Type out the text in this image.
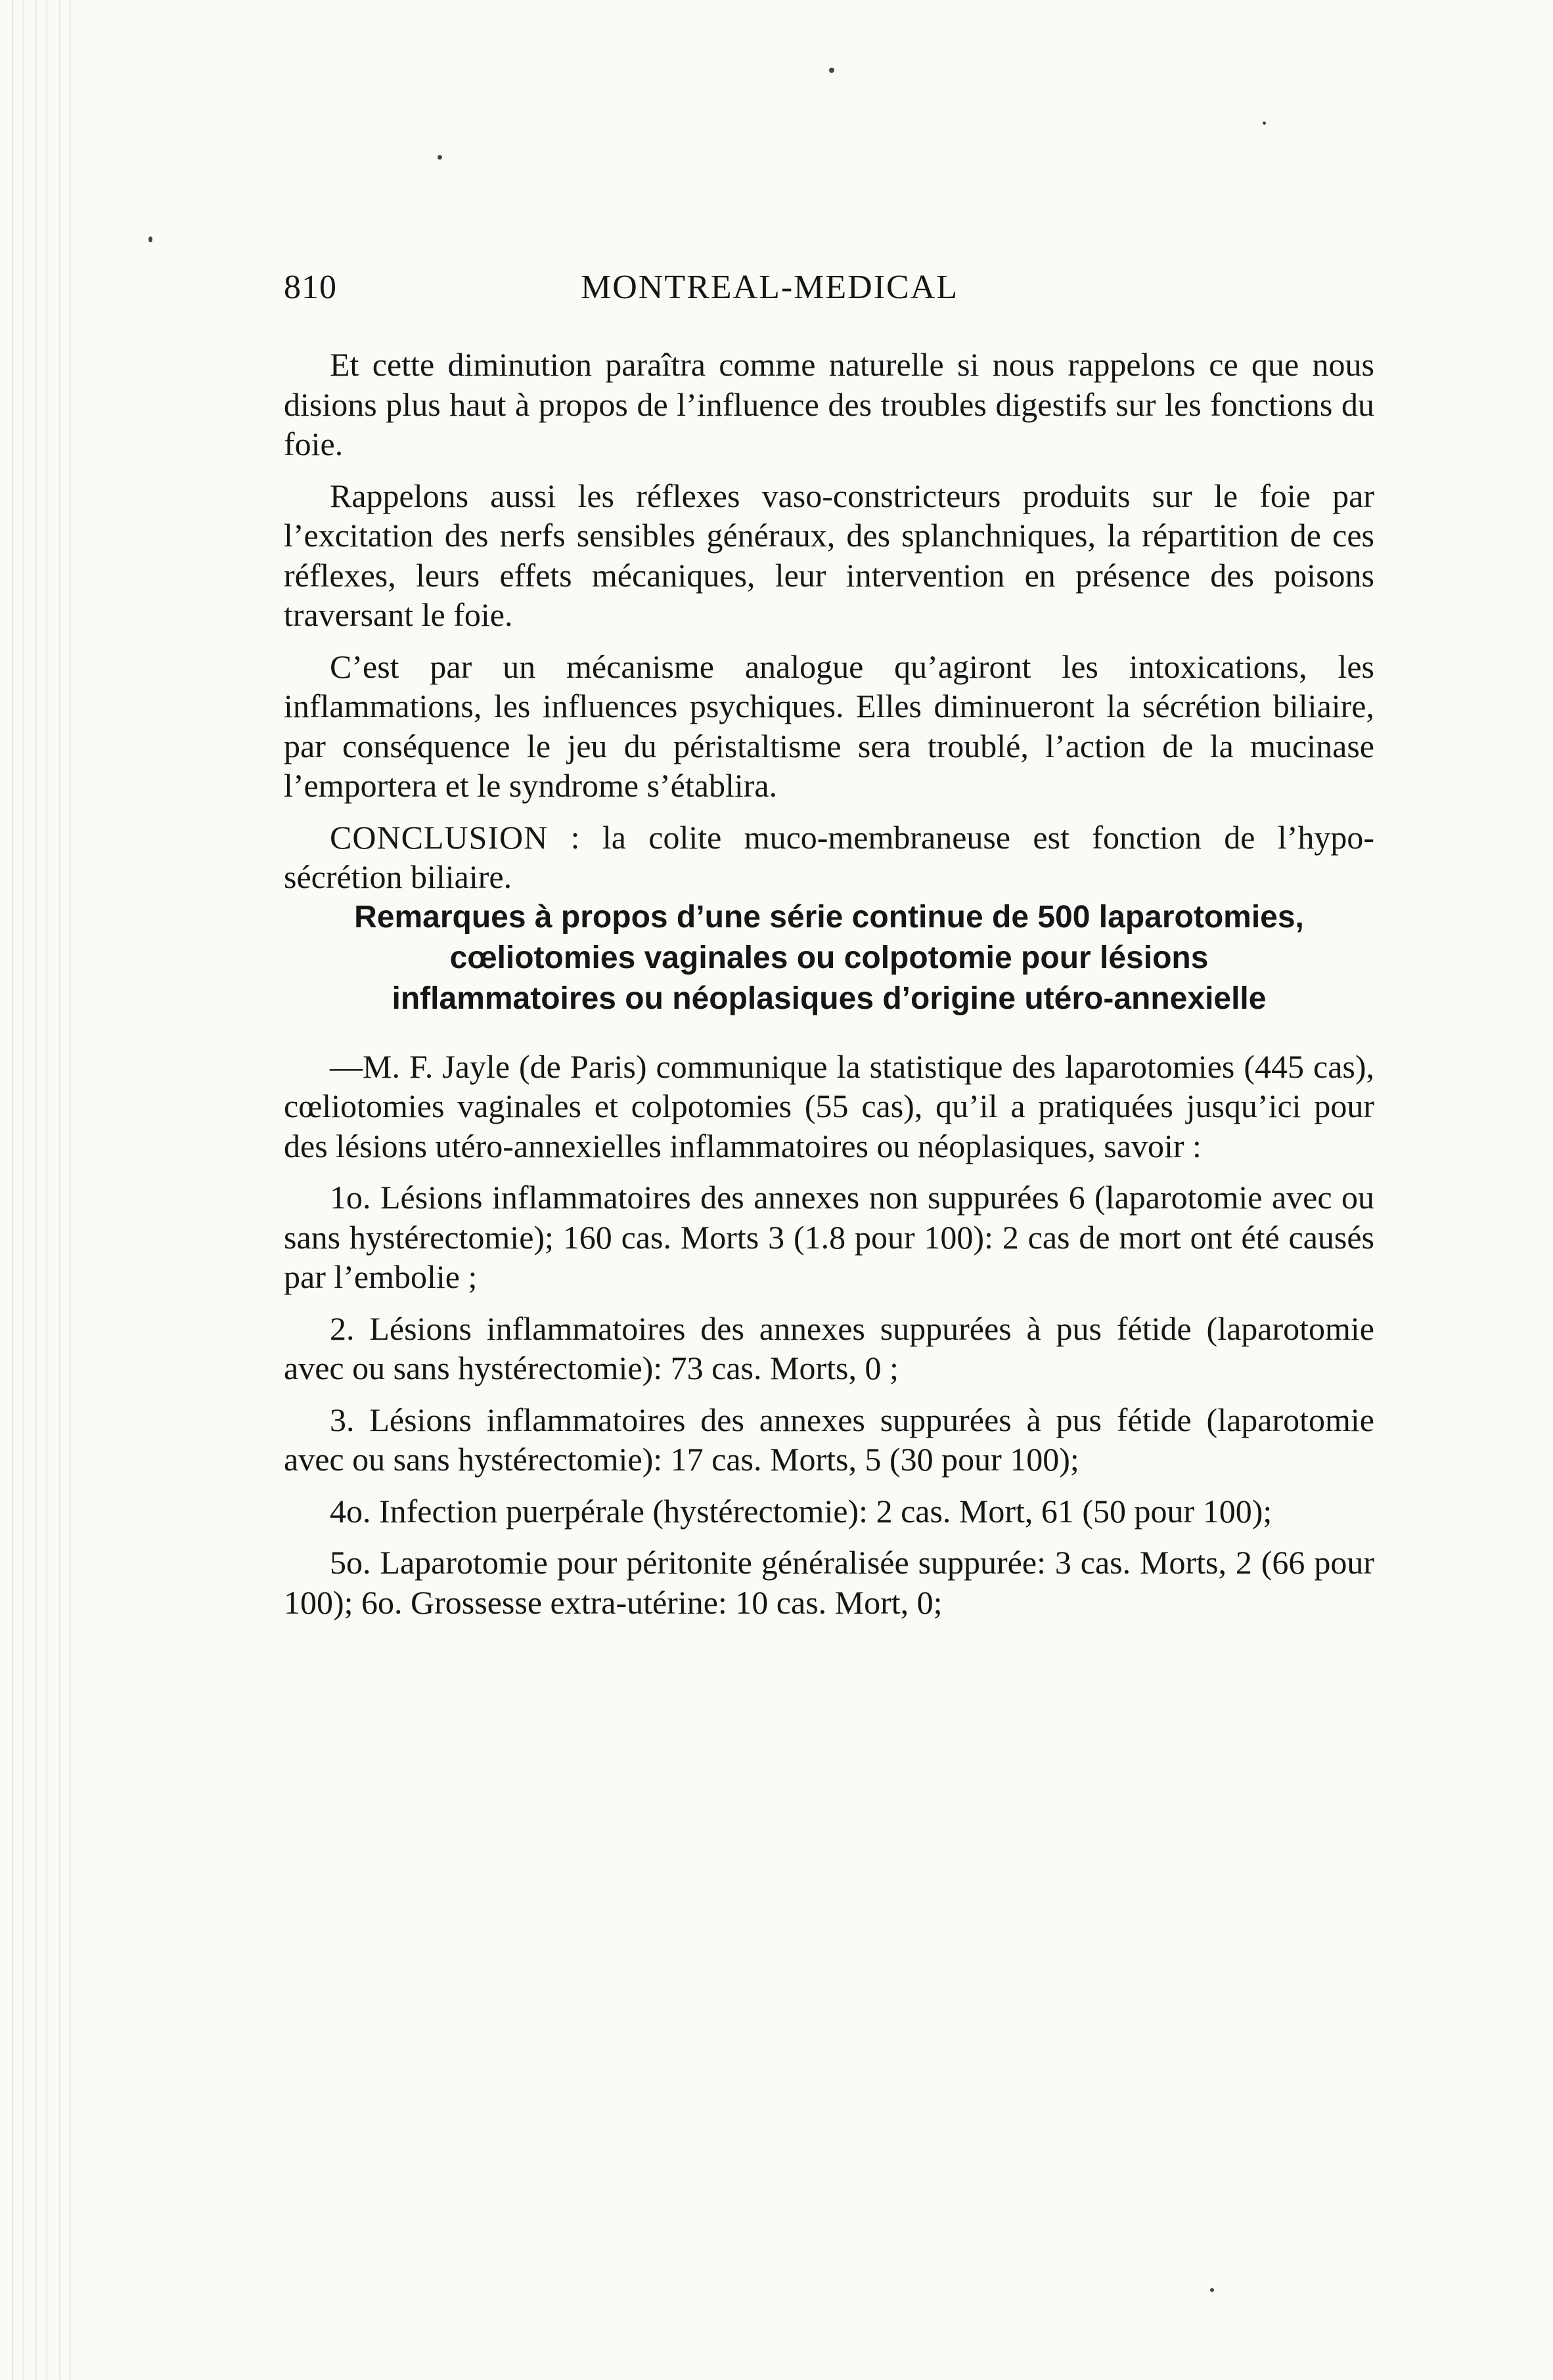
810	MONTREAL-MEDICAL

Et cette diminution paraîtra comme naturelle si nous rappelons ce que nous disions plus haut à propos de l’influence des troubles digestifs sur les fonctions du foie.

Rappelons aussi les réflexes vaso-constricteurs produits sur le foie par l’excitation des nerfs sensibles généraux, des splanchniques, la répartition de ces réflexes, leurs effets mécaniques, leur intervention en présence des poisons traversant le foie.

C’est par un mécanisme analogue qu’agiront les intoxications, les inflammations, les influences psychiques. Elles diminueront la sécrétion biliaire, par conséquence le jeu du péristaltisme sera troublé, l’action de la mucinase l’emportera et le syndrome s’établira.

CONCLUSION : la colite muco-membraneuse est fonction de l’hypo-sécrétion biliaire.

Remarques à propos d’une série continue de 500 laparotomies, cœliotomies vaginales ou colpotomie pour lésions inflammatoires ou néoplasiques d’origine utéro-annexielle

—M. F. Jayle (de Paris) communique la statistique des laparotomies (445 cas), cœliotomies vaginales et colpotomies (55 cas), qu’il a pratiquées jusqu’ici pour des lésions utéro-annexielles inflammatoires ou néoplasiques, savoir :

1o. Lésions inflammatoires des annexes non suppurées 6 (laparotomie avec ou sans hystérectomie); 160 cas. Morts 3 (1.8 pour 100): 2 cas de mort ont été causés par l’embolie ;

2. Lésions inflammatoires des annexes suppurées à pus fétide (laparotomie avec ou sans hystérectomie): 73 cas. Morts, 0 ;

3. Lésions inflammatoires des annexes suppurées à pus fétide (laparotomie avec ou sans hystérectomie): 17 cas. Morts, 5 (30 pour 100);

4o. Infection puerpérale (hystérectomie): 2 cas. Mort, 61 (50 pour 100);

5o. Laparotomie pour péritonite généralisée suppurée: 3 cas. Morts, 2 (66 pour 100); 6o. Grossesse extra-utérine: 10 cas. Mort, 0;
